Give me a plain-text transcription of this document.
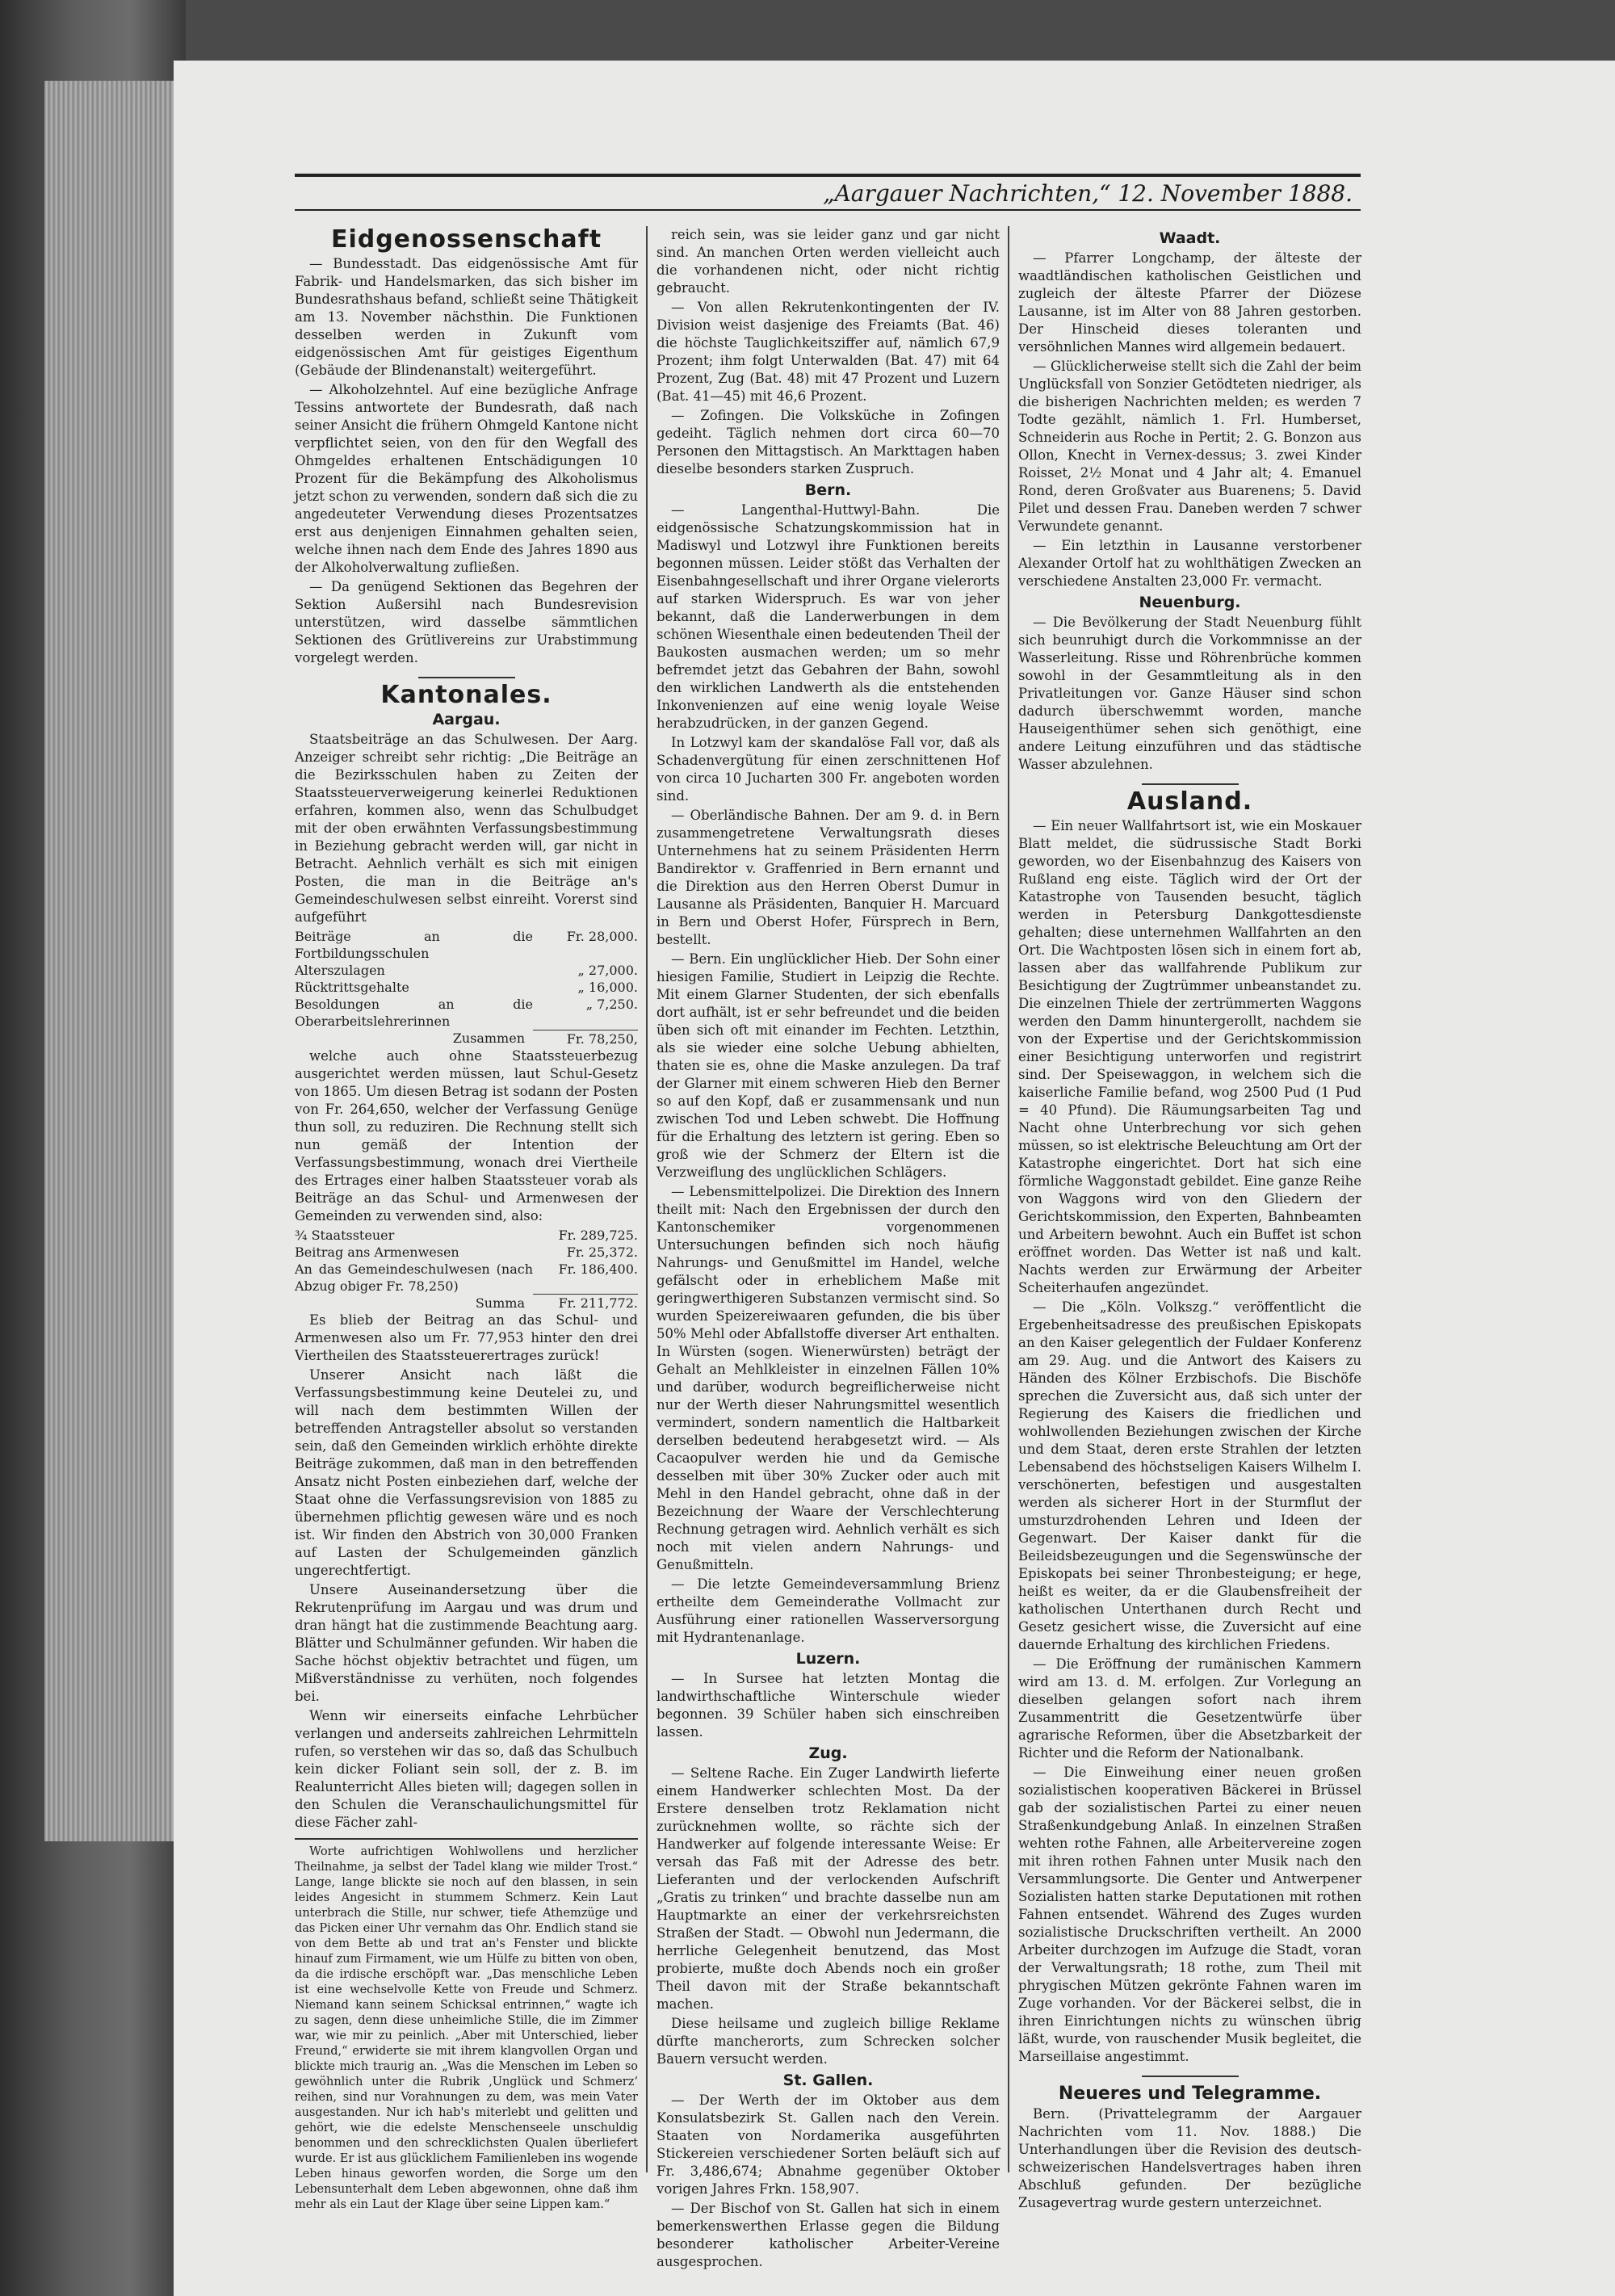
„Aargauer Nachrichten,“ 12. November 1888.
Eidgenossenschaft

— Bundesstadt. Das eidgenössische Amt für Fabrik- und Handelsmarken, das sich bisher im Bundesrathshaus befand, schließt seine Thätigkeit am 13. November nächsthin. Die Funktionen desselben werden in Zukunft vom eidgenössischen Amt für geistiges Eigenthum (Gebäude der Blindenanstalt) weitergeführt.

— Alkoholzehntel. Auf eine bezügliche Anfrage Tessins antwortete der Bundesrath, daß nach seiner Ansicht die frühern Ohmgeld Kantone nicht verpflichtet seien, von den für den Wegfall des Ohmgeldes erhaltenen Entschädigungen 10 Prozent für die Bekämpfung des Alkoholismus jetzt schon zu verwenden, sondern daß sich die zu angedeuteter Verwendung dieses Prozentsatzes erst aus denjenigen Einnahmen gehalten seien, welche ihnen nach dem Ende des Jahres 1890 aus der Alkoholverwaltung zufließen.

— Da genügend Sektionen das Begehren der Sektion Außersihl nach Bundesrevision unterstützen, wird dasselbe sämmtlichen Sektionen des Grütlivereins zur Urabstimmung vorgelegt werden.

Kantonales.
Aargau.

Staatsbeiträge an das Schulwesen. Der Aarg. Anzeiger schreibt sehr richtig: „Die Beiträge an die Bezirksschulen haben zu Zeiten der Staatssteuerverweigerung keinerlei Reduktionen erfahren, kommen also, wenn das Schulbudget mit der oben erwähnten Verfassungsbestimmung in Beziehung gebracht werden will, gar nicht in Betracht. Aehnlich verhält es sich mit einigen Posten, die man in die Beiträge an's Gemeindeschulwesen selbst einreiht. Vorerst sind aufgeführt

Beiträge an die Fortbildungsschulen	Fr. 28,000.
Alterszulagen	„ 27,000.
Rücktrittsgehalte	„ 16,000.
Besoldungen an die Oberarbeitslehrerinnen	„ 7,250.
Zusammen	Fr. 78,250,

welche auch ohne Staatssteuerbezug ausgerichtet werden müssen, laut Schul-Gesetz von 1865. Um diesen Betrag ist sodann der Posten von Fr. 264,650, welcher der Verfassung Genüge thun soll, zu reduziren. Die Rechnung stellt sich nun gemäß der Intention der Verfassungsbestimmung, wonach drei Viertheile des Ertrages einer halben Staatssteuer vorab als Beiträge an das Schul- und Armenwesen der Gemeinden zu verwenden sind, also:

¾ Staatssteuer	Fr. 289,725.
Beitrag ans Armenwesen	Fr. 25,372.
An das Gemeindeschulwesen (nach Abzug obiger Fr. 78,250)	Fr. 186,400.
Summa	Fr. 211,772.

Es blieb der Beitrag an das Schul- und Armenwesen also um Fr. 77,953 hinter den drei Viertheilen des Staatssteuerertrages zurück!

Unserer Ansicht nach läßt die Verfassungsbestimmung keine Deutelei zu, und will nach dem bestimmten Willen der betreffenden Antragsteller absolut so verstanden sein, daß den Gemeinden wirklich erhöhte direkte Beiträge zukommen, daß man in den betreffenden Ansatz nicht Posten einbeziehen darf, welche der Staat ohne die Verfassungsrevision von 1885 zu übernehmen pflichtig gewesen wäre und es noch ist. Wir finden den Abstrich von 30,000 Franken auf Lasten der Schulgemeinden gänzlich ungerechtfertigt.

Unsere Auseinandersetzung über die Rekrutenprüfung im Aargau und was drum und dran hängt hat die zustimmende Beachtung aarg. Blätter und Schulmänner gefunden. Wir haben die Sache höchst objektiv betrachtet und fügen, um Mißverständnisse zu verhüten, noch folgendes bei.

Wenn wir einerseits einfache Lehrbücher verlangen und anderseits zahlreichen Lehrmitteln rufen, so verstehen wir das so, daß das Schulbuch kein dicker Foliant sein soll, der z. B. im Realunterricht Alles bieten will; dagegen sollen in den Schulen die Veranschaulichungsmittel für diese Fächer zahl-

Worte aufrichtigen Wohlwollens und herzlicher Theilnahme, ja selbst der Tadel klang wie milder Trost.“ Lange, lange blickte sie noch auf den blassen, in sein leides Angesicht in stummem Schmerz. Kein Laut unterbrach die Stille, nur schwer, tiefe Athemzüge und das Picken einer Uhr vernahm das Ohr. Endlich stand sie von dem Bette ab und trat an's Fenster und blickte hinauf zum Firmament, wie um Hülfe zu bitten von oben, da die irdische erschöpft war. „Das menschliche Leben ist eine wechselvolle Kette von Freude und Schmerz. Niemand kann seinem Schicksal entrinnen,“ wagte ich zu sagen, denn diese unheimliche Stille, die im Zimmer war, wie mir zu peinlich. „Aber mit Unterschied, lieber Freund,“ erwiderte sie mit ihrem klangvollen Organ und blickte mich traurig an. „Was die Menschen im Leben so gewöhnlich unter die Rubrik ‚Unglück und Schmerz‘ reihen, sind nur Vorahnungen zu dem, was mein Vater ausgestanden. Nur ich hab's miterlebt und gelitten und gehört, wie die edelste Menschenseele unschuldig benommen und den schrecklichsten Qualen überliefert wurde. Er ist aus glücklichem Familienleben ins wogende Leben hinaus geworfen worden, die Sorge um den Lebensunterhalt dem Leben abgewonnen, ohne daß ihm mehr als ein Laut der Klage über seine Lippen kam.“

reich sein, was sie leider ganz und gar nicht sind. An manchen Orten werden vielleicht auch die vorhandenen nicht, oder nicht richtig gebraucht.

— Von allen Rekrutenkontingenten der IV. Division weist dasjenige des Freiamts (Bat. 46) die höchste Tauglichkeitsziffer auf, nämlich 67,9 Prozent; ihm folgt Unterwalden (Bat. 47) mit 64 Prozent, Zug (Bat. 48) mit 47 Prozent und Luzern (Bat. 41—45) mit 46,6 Prozent.

— Zofingen. Die Volksküche in Zofingen gedeiht. Täglich nehmen dort circa 60—70 Personen den Mittagstisch. An Markttagen haben dieselbe besonders starken Zuspruch.

Bern.

— Langenthal-Huttwyl-Bahn. Die eidgenössische Schatzungskommission hat in Madiswyl und Lotzwyl ihre Funktionen bereits begonnen müssen. Leider stößt das Verhalten der Eisenbahngesellschaft und ihrer Organe vielerorts auf starken Widerspruch. Es war von jeher bekannt, daß die Landerwerbungen in dem schönen Wiesenthale einen bedeutenden Theil der Baukosten ausmachen werden; um so mehr befremdet jetzt das Gebahren der Bahn, sowohl den wirklichen Landwerth als die entstehenden Inkonvenienzen auf eine wenig loyale Weise herabzudrücken, in der ganzen Gegend.

In Lotzwyl kam der skandalöse Fall vor, daß als Schadenvergütung für einen zerschnittenen Hof von circa 10 Jucharten 300 Fr. angeboten worden sind.

— Oberländische Bahnen. Der am 9. d. in Bern zusammengetretene Verwaltungsrath dieses Unternehmens hat zu seinem Präsidenten Herrn Bandirektor v. Graffenried in Bern ernannt und die Direktion aus den Herren Oberst Dumur in Lausanne als Präsidenten, Banquier H. Marcuard in Bern und Oberst Hofer, Fürsprech in Bern, bestellt.

— Bern. Ein unglücklicher Hieb. Der Sohn einer hiesigen Familie, Studiert in Leipzig die Rechte. Mit einem Glarner Studenten, der sich ebenfalls dort aufhält, ist er sehr befreundet und die beiden üben sich oft mit einander im Fechten. Letzthin, als sie wieder eine solche Uebung abhielten, thaten sie es, ohne die Maske anzulegen. Da traf der Glarner mit einem schweren Hieb den Berner so auf den Kopf, daß er zusammensank und nun zwischen Tod und Leben schwebt. Die Hoffnung für die Erhaltung des letztern ist gering. Eben so groß wie der Schmerz der Eltern ist die Verzweiflung des unglücklichen Schlägers.

— Lebensmittelpolizei. Die Direktion des Innern theilt mit: Nach den Ergebnissen der durch den Kantonschemiker vorgenommenen Untersuchungen befinden sich noch häufig Nahrungs- und Genußmittel im Handel, welche gefälscht oder in erheblichem Maße mit geringwerthigeren Substanzen vermischt sind. So wurden Speizereiwaaren gefunden, die bis über 50% Mehl oder Abfallstoffe diverser Art enthalten. In Würsten (sogen. Wienerwürsten) beträgt der Gehalt an Mehlkleister in einzelnen Fällen 10% und darüber, wodurch begreiflicherweise nicht nur der Werth dieser Nahrungsmittel wesentlich vermindert, sondern namentlich die Haltbarkeit derselben bedeutend herabgesetzt wird. — Als Cacaopulver werden hie und da Gemische desselben mit über 30% Zucker oder auch mit Mehl in den Handel gebracht, ohne daß in der Bezeichnung der Waare der Verschlechterung Rechnung getragen wird. Aehnlich verhält es sich noch mit vielen andern Nahrungs- und Genußmitteln.

— Die letzte Gemeindeversammlung Brienz ertheilte dem Gemeinderathe Vollmacht zur Ausführung einer rationellen Wasserversorgung mit Hydrantenanlage.

Luzern.

— In Sursee hat letzten Montag die landwirthschaftliche Winterschule wieder begonnen. 39 Schüler haben sich einschreiben lassen.

Zug.

— Seltene Rache. Ein Zuger Landwirth lieferte einem Handwerker schlechten Most. Da der Erstere denselben trotz Reklamation nicht zurücknehmen wollte, so rächte sich der Handwerker auf folgende interessante Weise: Er versah das Faß mit der Adresse des betr. Lieferanten und der verlockenden Aufschrift „Gratis zu trinken“ und brachte dasselbe nun am Hauptmarkte an einer der verkehrsreichsten Straßen der Stadt. — Obwohl nun Jedermann, die herrliche Gelegenheit benutzend, das Most probierte, mußte doch Abends noch ein großer Theil davon mit der Straße bekanntschaft machen.

Diese heilsame und zugleich billige Reklame dürfte mancherorts, zum Schrecken solcher Bauern versucht werden.

St. Gallen.

— Der Werth der im Oktober aus dem Konsulatsbezirk St. Gallen nach den Verein. Staaten von Nordamerika ausgeführten Stickereien verschiedener Sorten beläuft sich auf Fr. 3,486,674; Abnahme gegenüber Oktober vorigen Jahres Frkn. 158,907.

— Der Bischof von St. Gallen hat sich in einem bemerkenswerthen Erlasse gegen die Bildung besonderer katholischer Arbeiter-Vereine ausgesprochen.

Waadt.

— Pfarrer Longchamp, der älteste der waadtländischen katholischen Geistlichen und zugleich der älteste Pfarrer der Diözese Lausanne, ist im Alter von 88 Jahren gestorben. Der Hinscheid dieses toleranten und versöhnlichen Mannes wird allgemein bedauert.

— Glücklicherweise stellt sich die Zahl der beim Unglücksfall von Sonzier Getödteten niedriger, als die bisherigen Nachrichten melden; es werden 7 Todte gezählt, nämlich 1. Frl. Humberset, Schneiderin aus Roche in Pertit; 2. G. Bonzon aus Ollon, Knecht in Vernex-dessus; 3. zwei Kinder Roisset, 2½ Monat und 4 Jahr alt; 4. Emanuel Rond, deren Großvater aus Buarenens; 5. David Pilet und dessen Frau. Daneben werden 7 schwer Verwundete genannt.

— Ein letzthin in Lausanne verstorbener Alexander Ortolf hat zu wohlthätigen Zwecken an verschiedene Anstalten 23,000 Fr. vermacht.

Neuenburg.

— Die Bevölkerung der Stadt Neuenburg fühlt sich beunruhigt durch die Vorkommnisse an der Wasserleitung. Risse und Röhrenbrüche kommen sowohl in der Gesammtleitung als in den Privatleitungen vor. Ganze Häuser sind schon dadurch überschwemmt worden, manche Hauseigenthümer sehen sich genöthigt, eine andere Leitung einzuführen und das städtische Wasser abzulehnen.

Ausland.

— Ein neuer Wallfahrtsort ist, wie ein Moskauer Blatt meldet, die südrussische Stadt Borki geworden, wo der Eisenbahnzug des Kaisers von Rußland eng eiste. Täglich wird der Ort der Katastrophe von Tausenden besucht, täglich werden in Petersburg Dankgottesdienste gehalten; diese unternehmen Wallfahrten an den Ort. Die Wachtposten lösen sich in einem fort ab, lassen aber das wallfahrende Publikum zur Besichtigung der Zugtrümmer unbeanstandet zu. Die einzelnen Thiele der zertrümmerten Waggons werden den Damm hinuntergerollt, nachdem sie von der Expertise und der Gerichtskommission einer Besichtigung unterworfen und registrirt sind. Der Speisewaggon, in welchem sich die kaiserliche Familie befand, wog 2500 Pud (1 Pud = 40 Pfund). Die Räumungsarbeiten Tag und Nacht ohne Unterbrechung vor sich gehen müssen, so ist elektrische Beleuchtung am Ort der Katastrophe eingerichtet. Dort hat sich eine förmliche Waggonstadt gebildet. Eine ganze Reihe von Waggons wird von den Gliedern der Gerichtskommission, den Experten, Bahnbeamten und Arbeitern bewohnt. Auch ein Buffet ist schon eröffnet worden. Das Wetter ist naß und kalt. Nachts werden zur Erwärmung der Arbeiter Scheiterhaufen angezündet.

— Die „Köln. Volkszg.“ veröffentlicht die Ergebenheitsadresse des preußischen Episkopats an den Kaiser gelegentlich der Fuldaer Konferenz am 29. Aug. und die Antwort des Kaisers zu Händen des Kölner Erzbischofs. Die Bischöfe sprechen die Zuversicht aus, daß sich unter der Regierung des Kaisers die friedlichen und wohlwollenden Beziehungen zwischen der Kirche und dem Staat, deren erste Strahlen der letzten Lebensabend des höchstseligen Kaisers Wilhelm I. verschönerten, befestigen und ausgestalten werden als sicherer Hort in der Sturmflut der umsturzdrohenden Lehren und Ideen der Gegenwart. Der Kaiser dankt für die Beileidsbezeugungen und die Segenswünsche der Episkopats bei seiner Thronbesteigung; er hege, heißt es weiter, da er die Glaubensfreiheit der katholischen Unterthanen durch Recht und Gesetz gesichert wisse, die Zuversicht auf eine dauernde Erhaltung des kirchlichen Friedens.

— Die Eröffnung der rumänischen Kammern wird am 13. d. M. erfolgen. Zur Vorlegung an dieselben gelangen sofort nach ihrem Zusammentritt die Gesetzentwürfe über agrarische Reformen, über die Absetzbarkeit der Richter und die Reform der Nationalbank.

— Die Einweihung einer neuen großen sozialistischen kooperativen Bäckerei in Brüssel gab der sozialistischen Partei zu einer neuen Straßenkundgebung Anlaß. In einzelnen Straßen wehten rothe Fahnen, alle Arbeitervereine zogen mit ihren rothen Fahnen unter Musik nach den Versammlungsorte. Die Genter und Antwerpener Sozialisten hatten starke Deputationen mit rothen Fahnen entsendet. Während des Zuges wurden sozialistische Druckschriften vertheilt. An 2000 Arbeiter durchzogen im Aufzuge die Stadt, voran der Verwaltungsrath; 18 rothe, zum Theil mit phrygischen Mützen gekrönte Fahnen waren im Zuge vorhanden. Vor der Bäckerei selbst, die in ihren Einrichtungen nichts zu wünschen übrig läßt, wurde, von rauschender Musik begleitet, die Marseillaise angestimmt.

Neueres und Telegramme.

Bern. (Privattelegramm der Aargauer Nachrichten vom 11. Nov. 1888.) Die Unterhandlungen über die Revision des deutsch-schweizerischen Handelsvertrages haben ihren Abschluß gefunden. Der bezügliche Zusagevertrag wurde gestern unterzeichnet.
